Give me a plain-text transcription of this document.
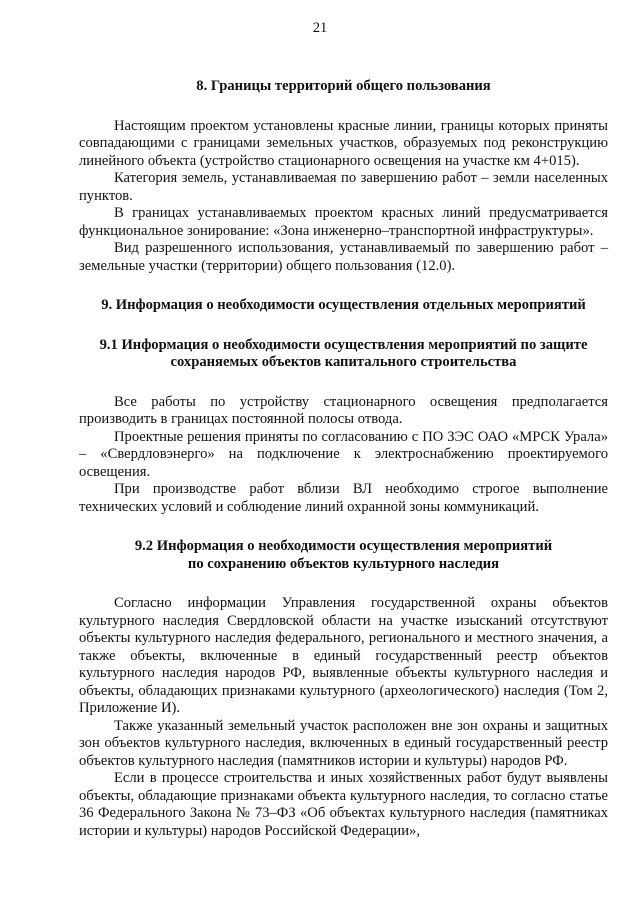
21
8. Границы территорий общего пользования

Настоящим проектом установлены красные линии, границы которых приняты совпадающими с границами земельных участков, образуемых под реконструкцию линейного объекта (устройство стационарного освещения на участке км 4+015).

Категория земель, устанавливаемая по завершению работ – земли населенных пунктов.

В границах устанавливаемых проектом красных линий предусматривается функциональное зонирование: «Зона инженерно–транспортной инфраструктуры».

Вид разрешенного использования, устанавливаемый по завершению работ – земельные участки (территории) общего пользования (12.0).

9. Информация о необходимости осуществления отдельных мероприятий
9.1 Информация о необходимости осуществления мероприятий по защите
сохраняемых объектов капитального строительства

Все работы по устройству стационарного освещения предполагается производить в границах постоянной полосы отвода.

Проектные решения приняты по согласованию с ПО ЗЭС ОАО «МРСК Урала» – «Свердловэнерго» на подключение к электроснабжению проектируемого освещения.

При производстве работ вблизи ВЛ необходимо строгое выполнение технических условий и соблюдение линий охранной зоны коммуникаций.

9.2 Информация о необходимости осуществления мероприятий
по сохранению объектов культурного наследия

Согласно информации Управления государственной охраны объектов культурного наследия Свердловской области на участке изысканий отсутствуют объекты культурного наследия федерального, регионального и местного значения, а также объекты, включенные в единый государственный реестр объектов культурного наследия народов РФ, выявленные объекты культурного наследия и объекты, обладающих признаками культурного (археологического) наследия (Том 2, Приложение И).

Также указанный земельный участок расположен вне зон охраны и защитных зон объектов культурного наследия, включенных в единый государственный реестр объектов культурного наследия (памятников истории и культуры) народов РФ.

Если в процессе строительства и иных хозяйственных работ будут выявлены объекты, обладающие признаками объекта культурного наследия, то согласно статье 36 Федерального Закона № 73–ФЗ «Об объектах культурного наследия (памятниках истории и культуры) народов Российской Федерации»,
